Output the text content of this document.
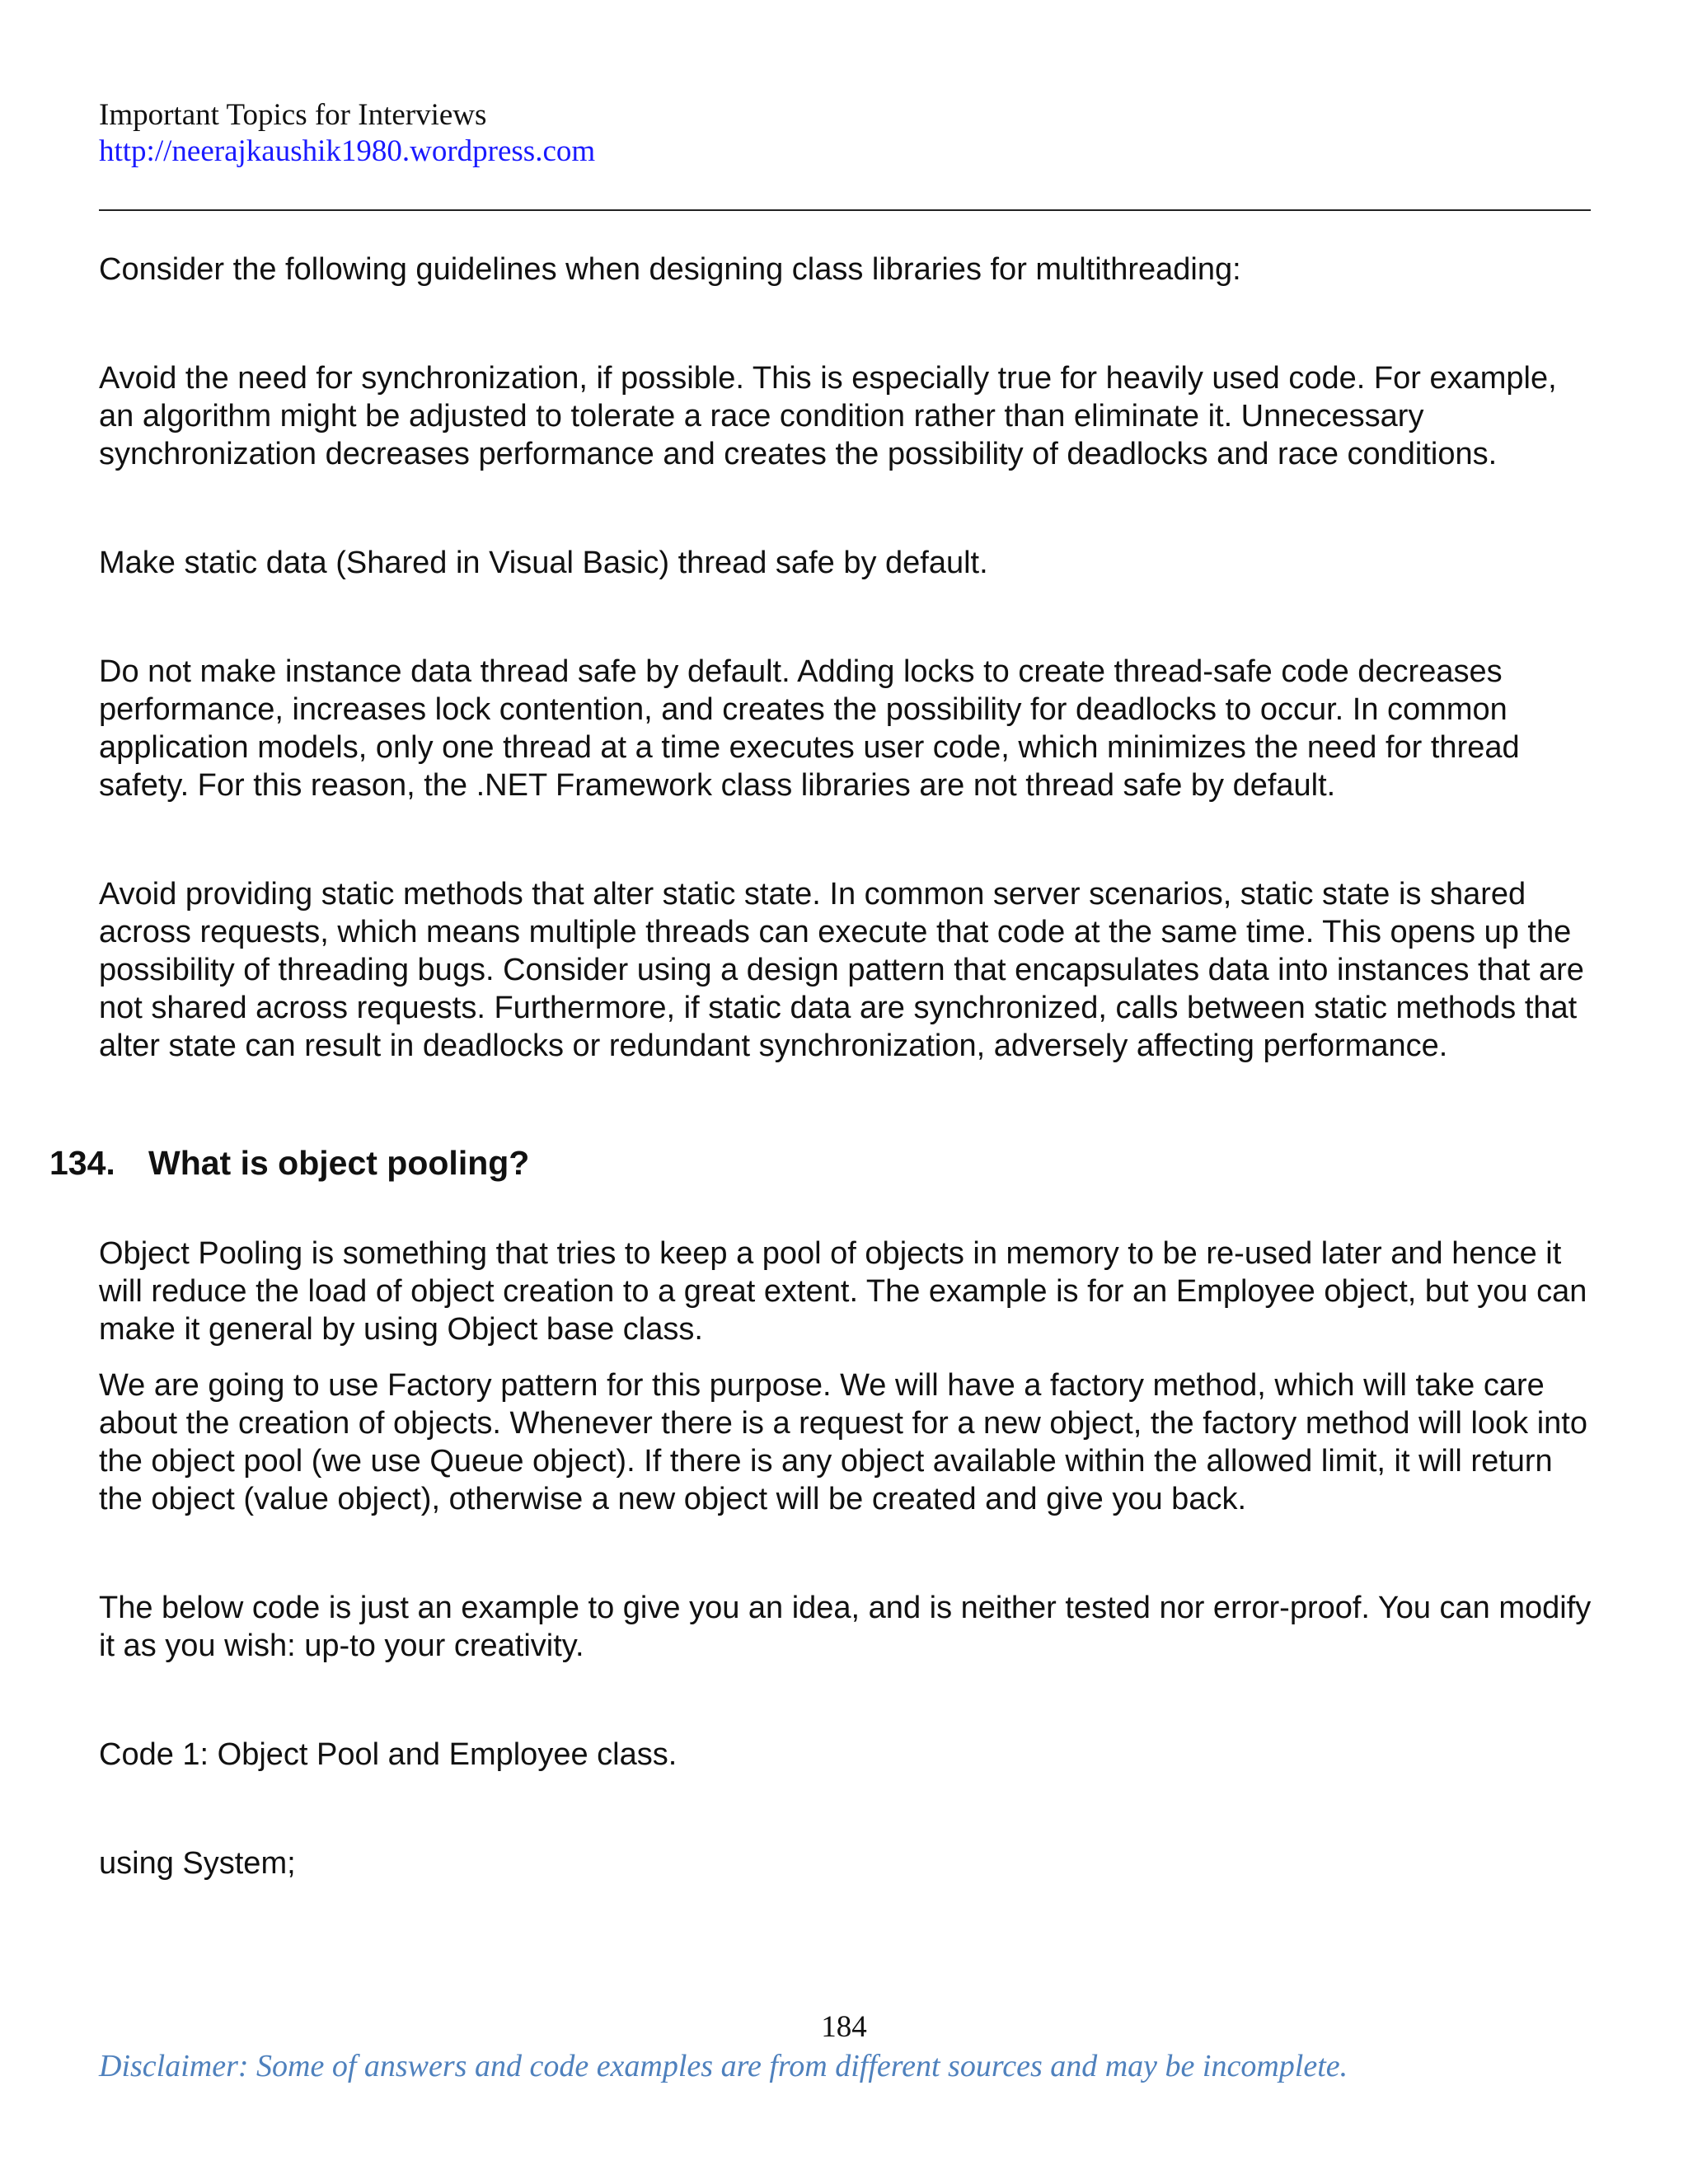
Important Topics for Interviews
http://neerajkaushik1980.wordpress.com

Consider the following guidelines when designing class libraries for multithreading:

Avoid the need for synchronization, if possible. This is especially true for heavily used code. For example, an algorithm might be adjusted to tolerate a race condition rather than eliminate it. Unnecessary synchronization decreases performance and creates the possibility of deadlocks and race conditions.

Make static data (Shared in Visual Basic) thread safe by default.

Do not make instance data thread safe by default. Adding locks to create thread-safe code decreases performance, increases lock contention, and creates the possibility for deadlocks to occur. In common application models, only one thread at a time executes user code, which minimizes the need for thread safety. For this reason, the .NET Framework class libraries are not thread safe by default.

Avoid providing static methods that alter static state. In common server scenarios, static state is shared across requests, which means multiple threads can execute that code at the same time. This opens up the possibility of threading bugs. Consider using a design pattern that encapsulates data into instances that are not shared across requests. Furthermore, if static data are synchronized, calls between static methods that alter state can result in deadlocks or redundant synchronization, adversely affecting performance.

134. What is object pooling?

Object Pooling is something that tries to keep a pool of objects in memory to be re-used later and hence it will reduce the load of object creation to a great extent. The example is for an Employee object, but you can make it general by using Object base class.

We are going to use Factory pattern for this purpose. We will have a factory method, which will take care about the creation of objects. Whenever there is a request for a new object, the factory method will look into the object pool (we use Queue object). If there is any object available within the allowed limit, it will return the object (value object), otherwise a new object will be created and give you back.

The below code is just an example to give you an idea, and is neither tested nor error-proof. You can modify it as you wish: up-to your creativity.

Code 1: Object Pool and Employee class.

using System;

184
Disclaimer: Some of answers and code examples are from different sources and may be incomplete.
